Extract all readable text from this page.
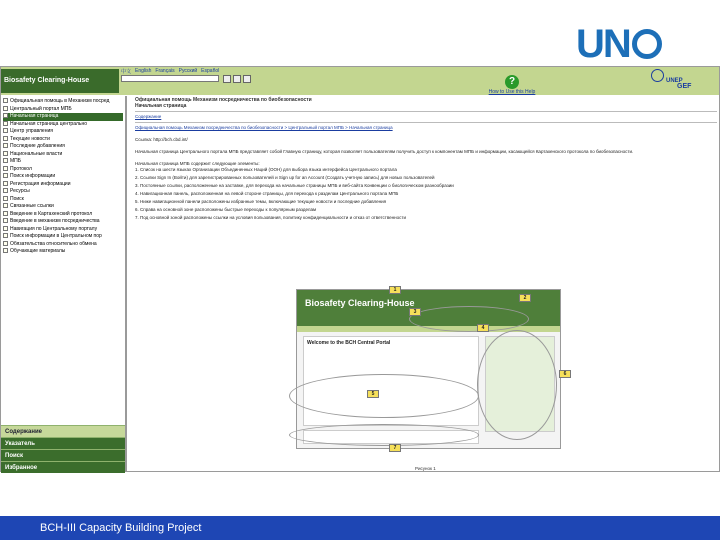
UN
Biosafety Clearing-House
中文 English Français Русский Español
?
How to Use this Help
UNEP
GEF
Официальная помощь в Механизм посред
Центральный портал МПБ
Начальная страница
Начальная страница центрально
Центр управления
Текущие новости
Последние добавления
Национальные власти
МПБ
Протокол
Поиск информации
Регистрация информации
Ресурсы
Поиск
Связанные ссылки
Введение в Картахенский протокол
Введение в механизм посредничества
Навигация по Центральному порталу
Поиск информации в Центральном пор
Обязательства относительно обмена
Обучающие материалы
Содержание
Указатель
Поиск
Избранное
Официальная помощь Механизм посредничества по биобезопасности
Начальная страница
Содержание
Официальная помощь Механизм посредничества по биобезопасности > Центральный портал МПБ > Начальная страница
Ссылка: http://bch.cbd.int/
Начальная страница Центрального портала МПБ представляет собой Главную страницу, которая позволяет пользователям получить доступ к компонентам МПБ и информации, касающейся Картахенского протокола по биобезопасности.
Начальная страница МПБ содержит следующие элементы:
1. Список на шести языках Организации Объединенных Наций (ООН) для выбора языка интерфейса Центрального портала
2. Ссылки Sign In (Войти) для зарегистрированных пользователей и Sign up for an Account (Создать учетную запись) для новых пользователей
3. Постоянные ссылки, расположенные на заставке, для перехода на начальные страницы МПБ и веб-сайта Конвенции о биологическом разнообразии
4. Навигационная панель, расположенная на левой стороне страницы, для перехода к разделам Центрального портала МПБ
5. Ниже навигационной панели расположены избранные темы, включающие текущие новости и последние добавления
6. Справа на основной зоне расположены быстрые переходы к популярным разделам
7. Под основной зоной расположены ссылки на условия пользования, политику конфиденциальности и отказ от ответственности
Biosafety Clearing-House
Welcome to the BCH Central Portal
1
2
3
4
5
6
7
Рисунок 1
BCH-III Capacity Building Project
